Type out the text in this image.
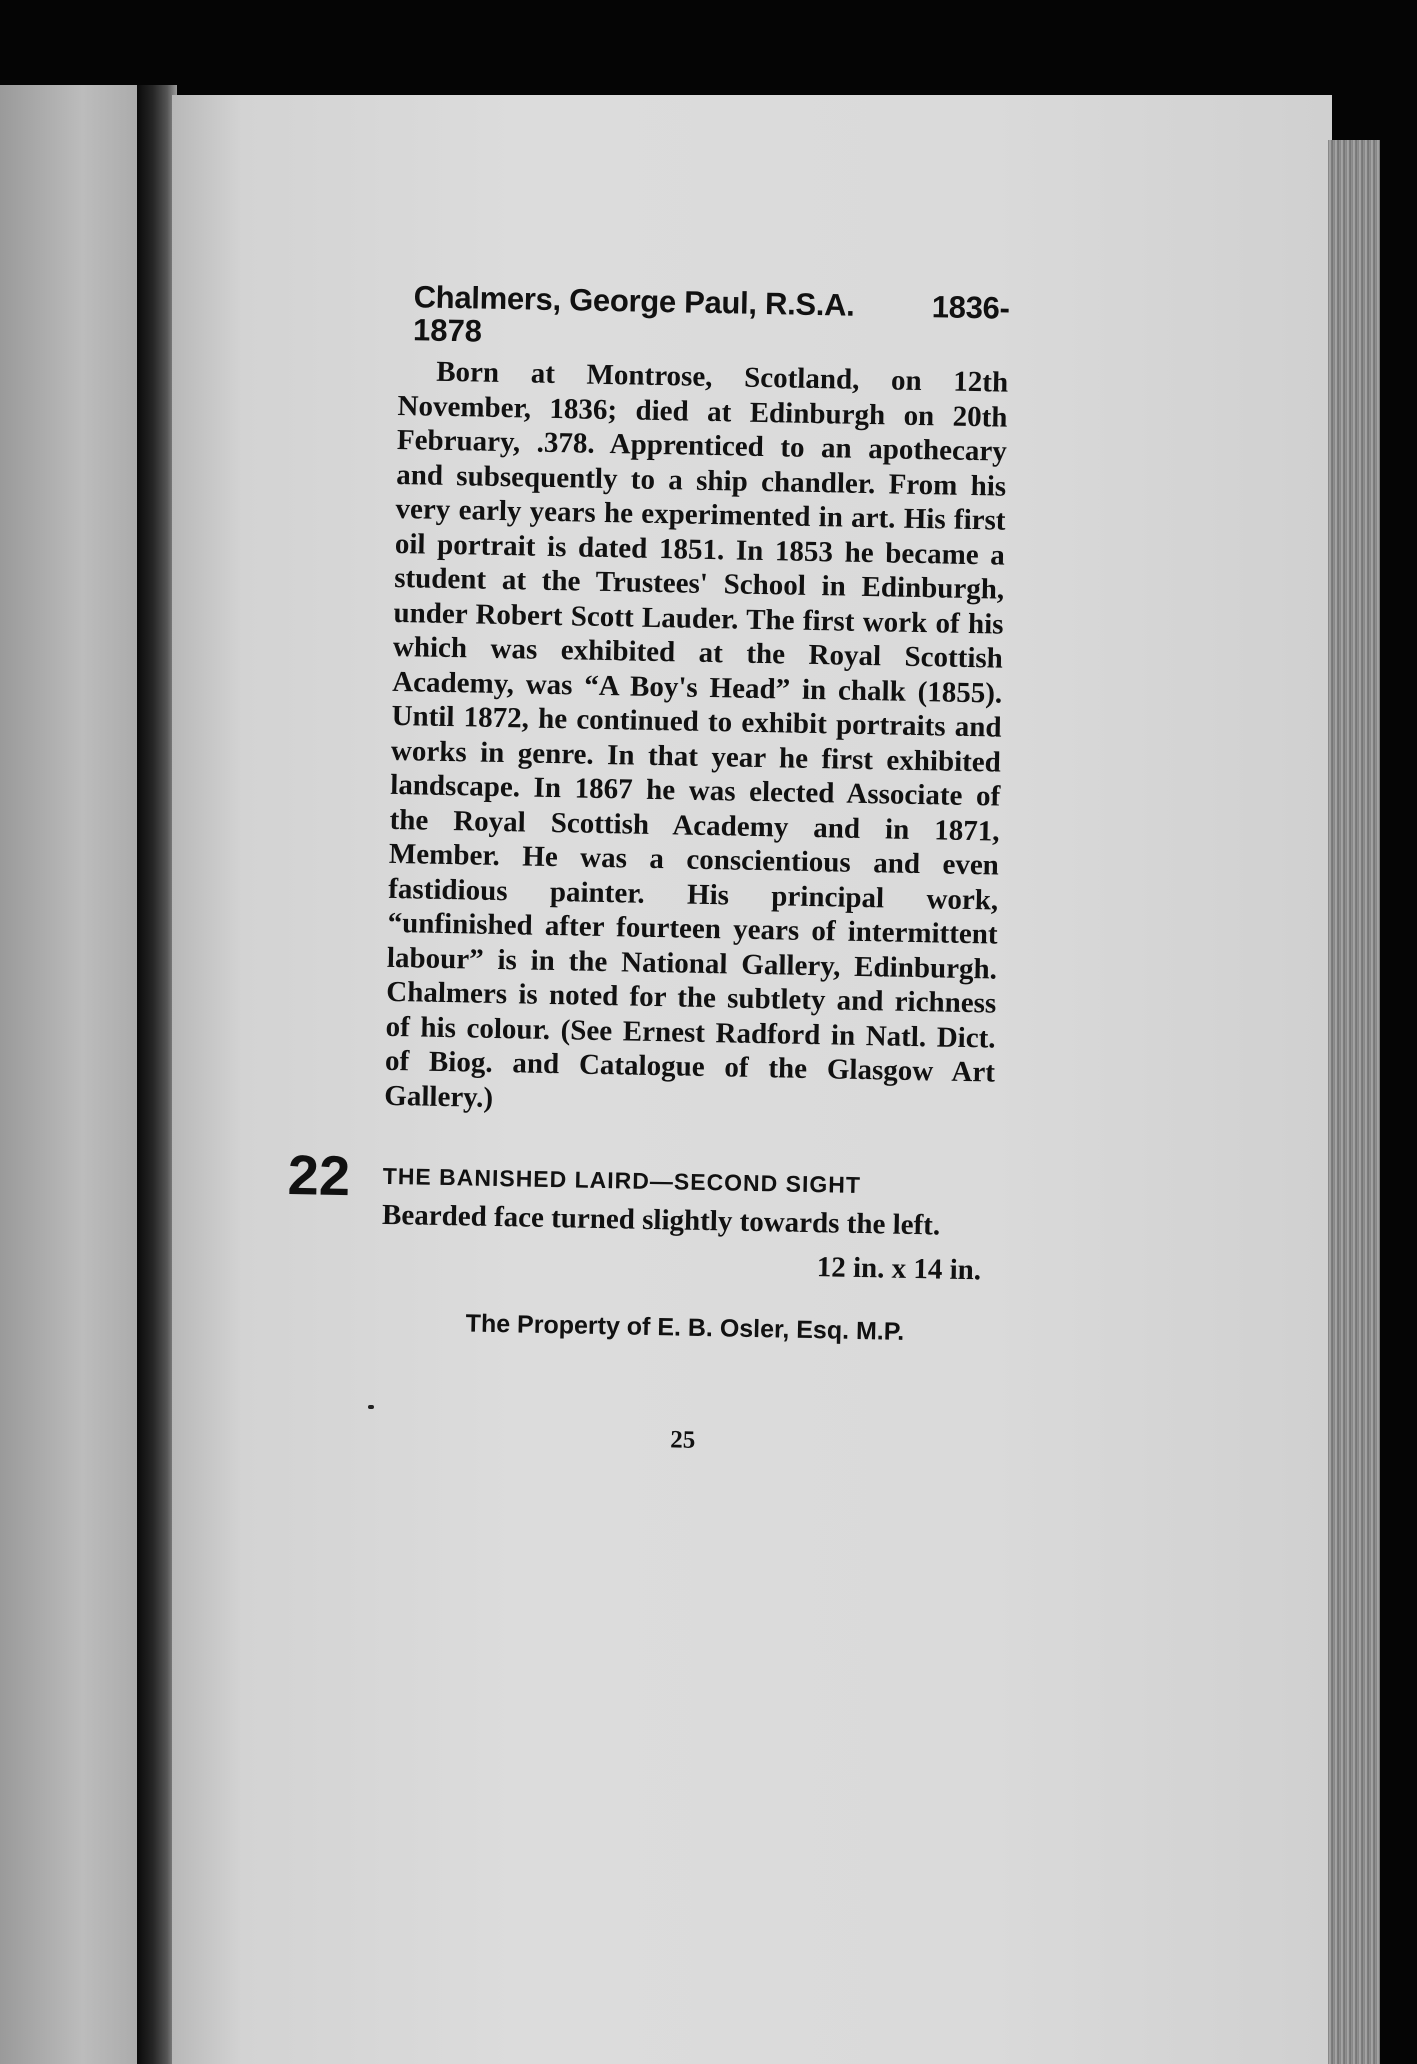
Chalmers, George Paul, R.S.A. 1836-
1878

Born at Montrose, Scotland, on 12th November, 1836; died at Edinburgh on 20th February, .378. Apprenticed to an apothecary and subsequently to a ship chandler. From his very early years he experimented in art. His first oil portrait is dated 1851. In 1853 he became a student at the Trustees' School in Edinburgh, under Robert Scott Lauder. The first work of his which was exhibited at the Royal Scottish Academy, was “A Boy's Head” in chalk (1855). Until 1872, he continued to exhibit portraits and works in genre. In that year he first exhibited landscape. In 1867 he was elected Associate of the Royal Scottish Academy and in 1871, Member. He was a conscientious and even fastidious painter. His principal work, “unfinished after fourteen years of intermittent labour” is in the National Gallery, Edinburgh. Chalmers is noted for the subtlety and richness of his colour. (See Ernest Radford in Natl. Dict. of Biog. and Catalogue of the Glasgow Art Gallery.)

22 THE BANISHED LAIRD—SECOND SIGHT

Bearded face turned slightly towards the left.

12 in. x 14 in.

The Property of E. B. Osler, Esq. M.P.

25
